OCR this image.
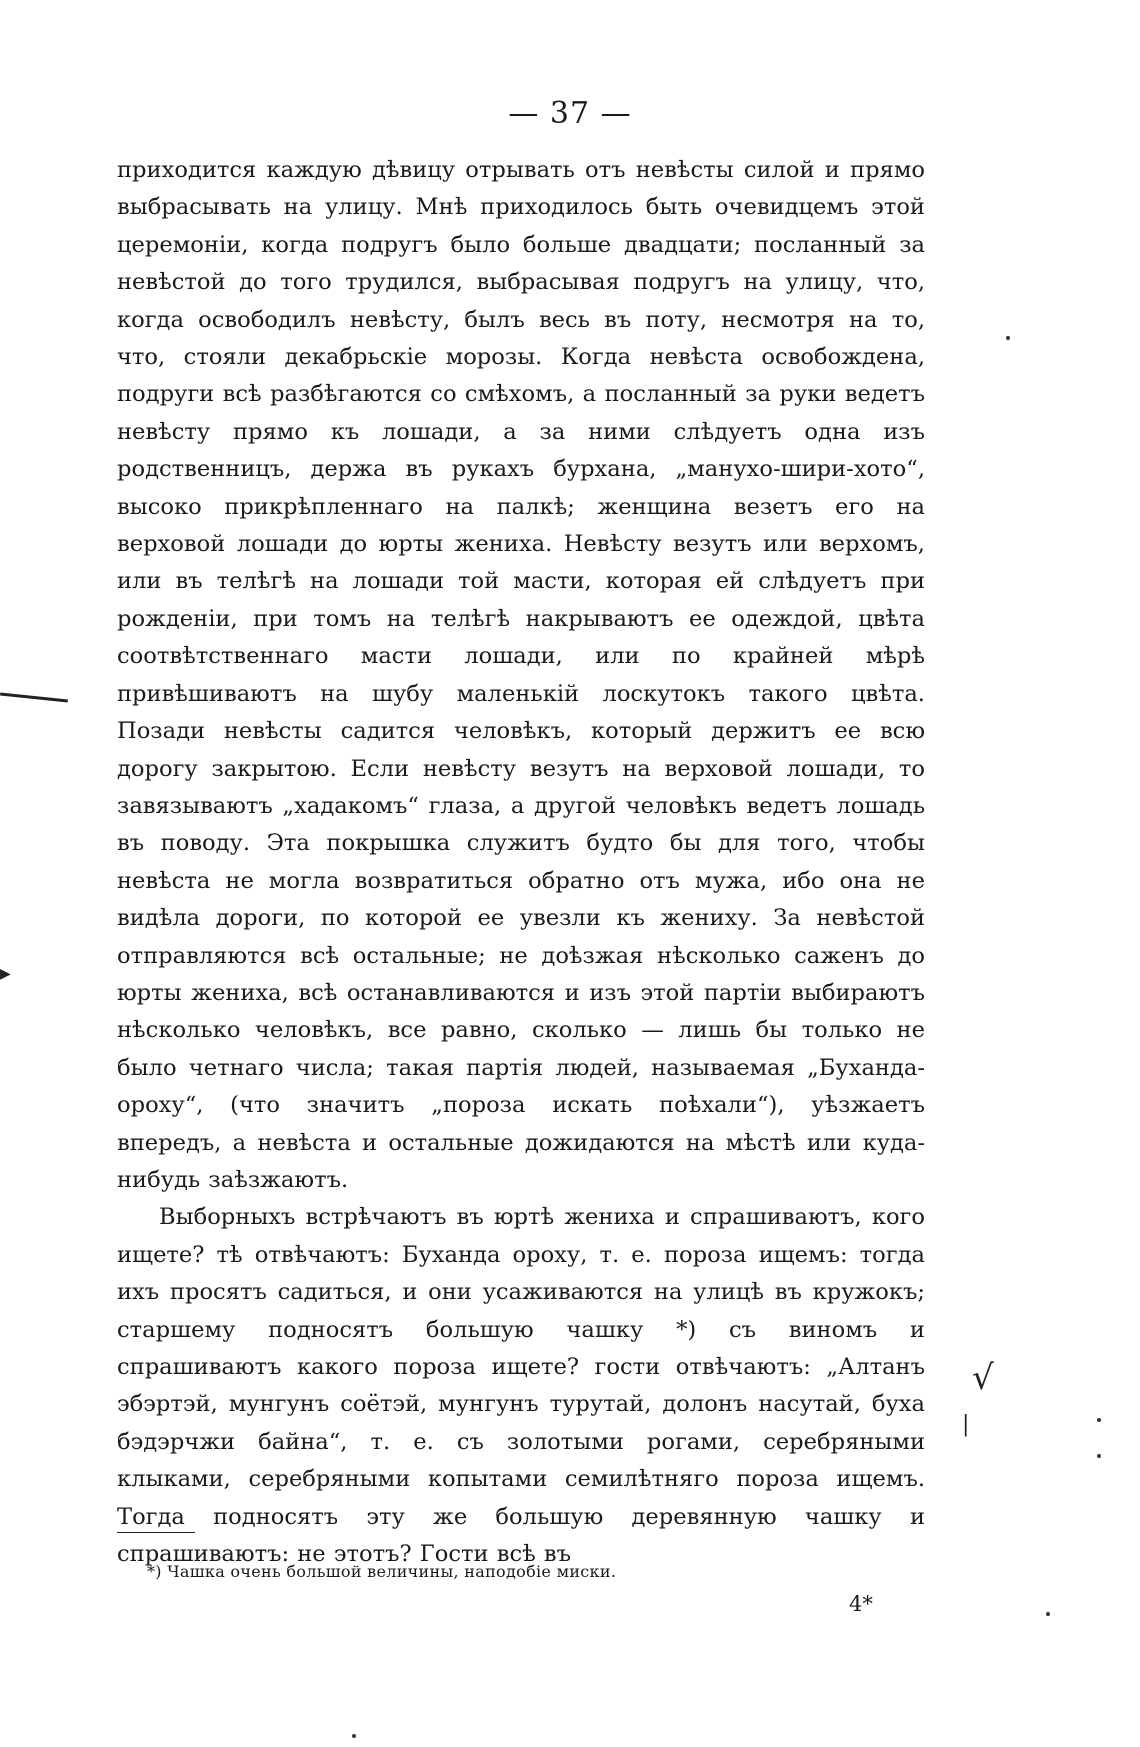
— 37 —

приходится каждую дѣвицу отрывать отъ невѣсты силой и прямо выбрасывать на улицу. Мнѣ приходилось быть очевидцемъ этой церемоніи, когда подругъ было больше двадцати; посланный за невѣстой до того трудился, выбрасывая подругъ на улицу, что, когда освободилъ невѣсту, былъ весь въ поту, несмотря на то, что, стояли декабрьскіе морозы. Когда невѣста освобождена, подруги всѣ разбѣгаются со смѣхомъ, а посланный за руки ведетъ невѣсту прямо къ лошади, а за ними слѣдуетъ одна изъ родственницъ, держа въ рукахъ бурхана, „манухо-шири-хото“, высоко прикрѣпленнаго на палкѣ; женщина везетъ его на верховой лошади до юрты жениха. Невѣсту везутъ или верхомъ, или въ телѣгѣ на лошади той масти, которая ей слѣдуетъ при рожденіи, при томъ на телѣгѣ накрываютъ ее одеждой, цвѣта соотвѣтственнаго масти лошади, или по крайней мѣрѣ привѣшиваютъ на шубу маленькій лоскутокъ такого цвѣта. Позади невѣсты садится человѣкъ, который держитъ ее всю дорогу закрытою. Если невѣсту везутъ на верховой лошади, то завязываютъ „хадакомъ“ глаза, а другой человѣкъ ведетъ лошадь въ поводу. Эта покрышка служитъ будто бы для того, чтобы невѣста не могла возвратиться обратно отъ мужа, ибо она не видѣла дороги, по которой ее увезли къ жениху. За невѣстой отправляются всѣ остальные; не доѣзжая нѣсколько саженъ до юрты жениха, всѣ останавливаются и изъ этой партіи выбираютъ нѣсколько человѣкъ, все равно, сколько — лишь бы только не было четнаго числа; такая партія людей, называемая „Буханда-ороху“, (что значитъ „пороза искать поѣхали“), уѣзжаетъ впередъ, а невѣста и остальные дожидаются на мѣстѣ или куда-нибудь заѣзжаютъ.

Выборныхъ встрѣчаютъ въ юртѣ жениха и спрашиваютъ, кого ищете? тѣ отвѣчаютъ: Буханда ороху, т. е. пороза ищемъ: тогда ихъ просятъ садиться, и они усаживаются на улицѣ въ кружокъ; старшему подносятъ большую чашку *) съ виномъ и спрашиваютъ какого пороза ищете? гости отвѣчаютъ: „Алтанъ эбэртэй, мунгунъ соётэй, мунгунъ турутай, долонъ насутай, буха бэдэрчжи байна“, т. е. съ золотыми рогами, серебряными клыками, серебряными копытами семилѣтняго пороза ищемъ. Тогда подносятъ эту же большую деревянную чашку и спрашиваютъ: не этотъ? Гости всѣ въ

*) Чашка очень большой величины, наподобіе миски.
4*
√
|
▶
